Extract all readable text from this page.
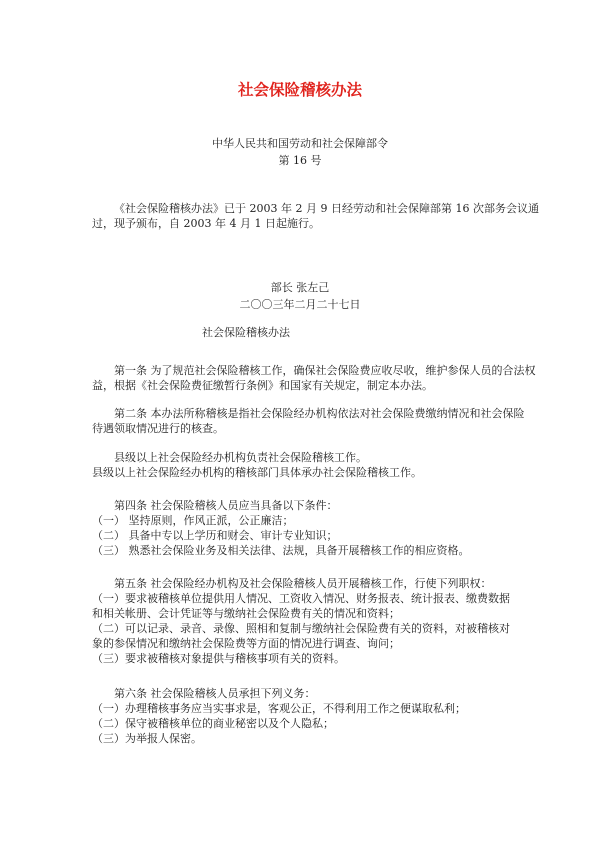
社会保险稽核办法
中华人民共和国劳动和社会保障部令
第 16 号
《社会保险稽核办法》已于 2003 年 2 月 9 日经劳动和社会保障部第 16 次部务会议通
过，现予颁布，自 2003 年 4 月 1 日起施行。
部长 张左己
二〇〇三年二月二十七日
社会保险稽核办法
第一条 为了规范社会保险稽核工作，确保社会保险费应收尽收，维护参保人员的合法权
益，根据《社会保险费征缴暂行条例》和国家有关规定，制定本办法。
第二条 本办法所称稽核是指社会保险经办机构依法对社会保险费缴纳情况和社会保险
待遇领取情况进行的核查。
县级以上社会保险经办机构负责社会保险稽核工作。
县级以上社会保险经办机构的稽核部门具体承办社会保险稽核工作。
第四条 社会保险稽核人员应当具备以下条件：
（一） 坚持原则，作风正派，公正廉洁；
（二） 具备中专以上学历和财会、审计专业知识；
（三） 熟悉社会保险业务及相关法律、法规，具备开展稽核工作的相应资格。
第五条 社会保险经办机构及社会保险稽核人员开展稽核工作，行使下列职权：
（一）要求被稽核单位提供用人情况、工资收入情况、财务报表、统计报表、缴费数据
和相关帐册、会计凭证等与缴纳社会保险费有关的情况和资料；
（二）可以记录、录音、录像、照相和复制与缴纳社会保险费有关的资料，对被稽核对
象的参保情况和缴纳社会保险费等方面的情况进行调查、询问；
（三）要求被稽核对象提供与稽核事项有关的资料。
第六条 社会保险稽核人员承担下列义务：
（一）办理稽核事务应当实事求是，客观公正，不得利用工作之便谋取私利；
（二）保守被稽核单位的商业秘密以及个人隐私；
（三）为举报人保密。
